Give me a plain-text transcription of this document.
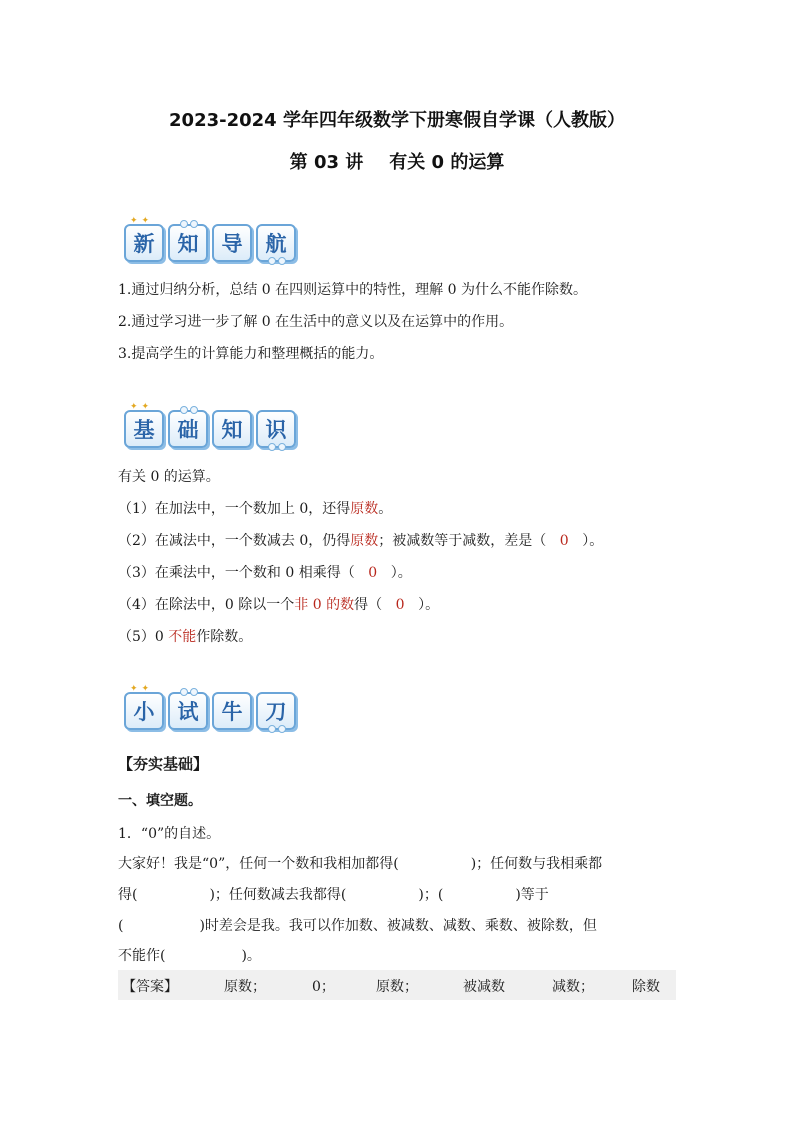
2023-2024 学年四年级数学下册寒假自学课（人教版）
第 03 讲 有关 0 的运算
✦✦
新 知 导 航
1.通过归纳分析，总结 0 在四则运算中的特性，理解 0 为什么不能作除数。
2.通过学习进一步了解 0 在生活中的意义以及在运算中的作用。
3.提高学生的计算能力和整理概括的能力。
✦✦
基 础 知 识
有关 0 的运算。
（1）在加法中，一个数加上 0，还得原数。
（2）在减法中，一个数减去 0，仍得原数；被减数等于减数，差是（ 0 ）。
（3）在乘法中，一个数和 0 相乘得（ 0 ）。
（4）在除法中，0 除以一个非 0 的数得（ 0 ）。
（5）0 不能作除数。
✦✦
小 试 牛 刀
【夯实基础】
一、填空题。
1．“0”的自述。
大家好！我是“0”，任何一个数和我相加都得(	)；任何数与我相乘都
得(	)；任何数减去我都得(	)；(	)等于
(	)时差会是我。我可以作加数、被减数、减数、乘数、被除数，但
不能作(	)。
【答案】	原数；	0；	原数；	被减数	减数；	除数
